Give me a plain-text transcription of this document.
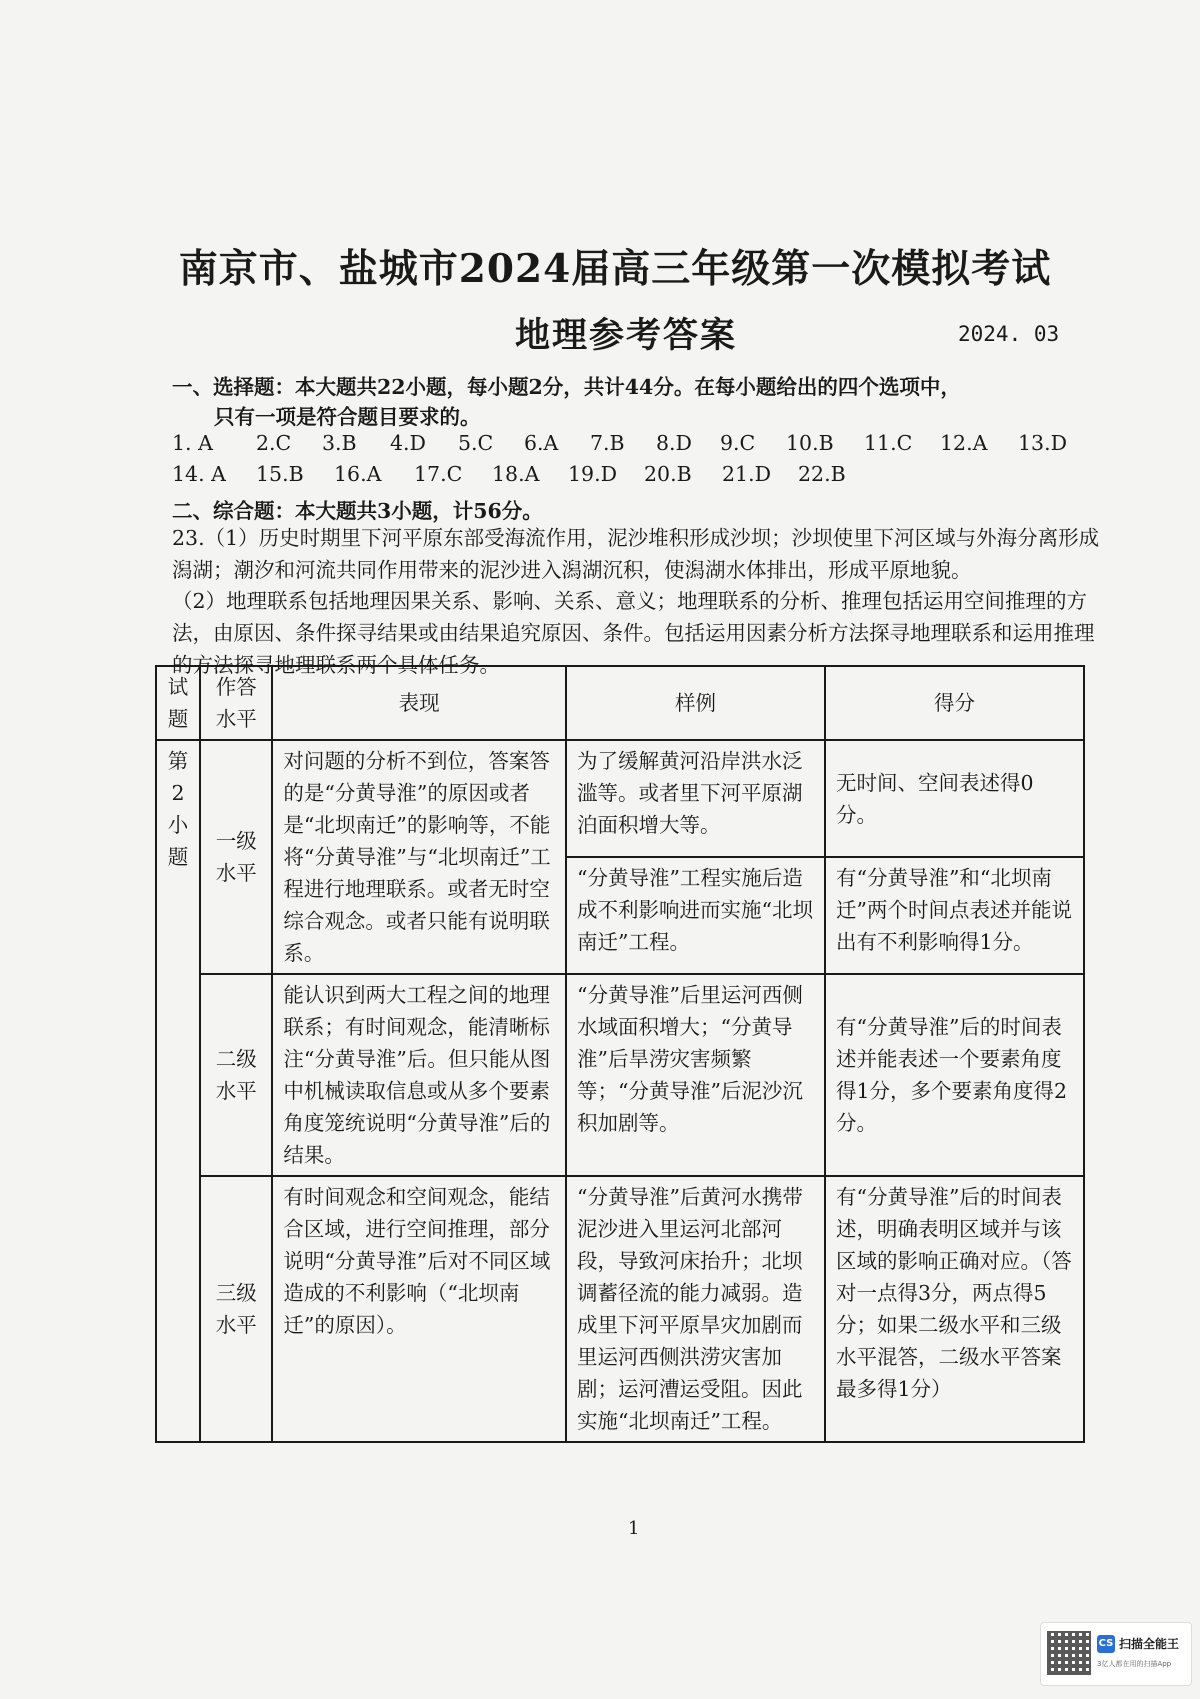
南京市、盐城市2024届高三年级第一次模拟考试
地理参考答案	2024. 03
一、选择题：本大题共22小题，每小题2分，共计44分。在每小题给出的四个选项中，
只有一项是符合题目要求的。
1. A 2.C 3.B 4.D 5.C 6.A 7.B 8.D 9.C 10.B 11.C 12.A 13.D
14. A 15.B 16.A 17.C 18.A 19.D 20.B 21.D 22.B
二、综合题：本大题共3小题，计56分。

23.（1）历史时期里下河平原东部受海流作用，泥沙堆积形成沙坝；沙坝使里下河区域与外海分离形成潟湖；潮汐和河流共同作用带来的泥沙进入潟湖沉积，使潟湖水体排出，形成平原地貌。

（2）地理联系包括地理因果关系、影响、关系、意义；地理联系的分析、推理包括运用空间推理的方法，由原因、条件探寻结果或由结果追究原因、条件。包括运用因素分析方法探寻地理联系和运用推理的方法探寻地理联系两个具体任务。

试题	作答水平	表现	样例	得分
第2小题	一级水平	对问题的分析不到位，答案答的是“分黄导淮”的原因或者是“北坝南迁”的影响等，不能将“分黄导淮”与“北坝南迁”工程进行地理联系。或者无时空综合观念。或者只能有说明联系。	为了缓解黄河沿岸洪水泛滥等。或者里下河平原湖泊面积增大等。	无时间、空间表述得0分。
			“分黄导淮”工程实施后造成不利影响进而实施“北坝南迁”工程。	有“分黄导淮”和“北坝南迁”两个时间点表述并能说出有不利影响得1分。
	二级水平	能认识到两大工程之间的地理联系；有时间观念，能清晰标注“分黄导淮”后。但只能从图中机械读取信息或从多个要素角度笼统说明“分黄导淮”后的结果。	“分黄导淮”后里运河西侧水域面积增大；“分黄导淮”后旱涝灾害频繁等；“分黄导淮”后泥沙沉积加剧等。	有“分黄导淮”后的时间表述并能表述一个要素角度得1分，多个要素角度得2分。
	三级水平	有时间观念和空间观念，能结合区域，进行空间推理，部分说明“分黄导淮”后对不同区域造成的不利影响（“北坝南迁”的原因）。	“分黄导淮”后黄河水携带泥沙进入里运河北部河段，导致河床抬升；北坝调蓄径流的能力减弱。造成里下河平原旱灾加剧而里运河西侧洪涝灾害加剧；运河漕运受阻。因此实施“北坝南迁”工程。	有“分黄导淮”后的时间表述，明确表明区域并与该区域的影响正确对应。（答对一点得3分，两点得5分；如果二级水平和三级水平混答，二级水平答案最多得1分）
1
CS 扫描全能王
3亿人都在用的扫描App
